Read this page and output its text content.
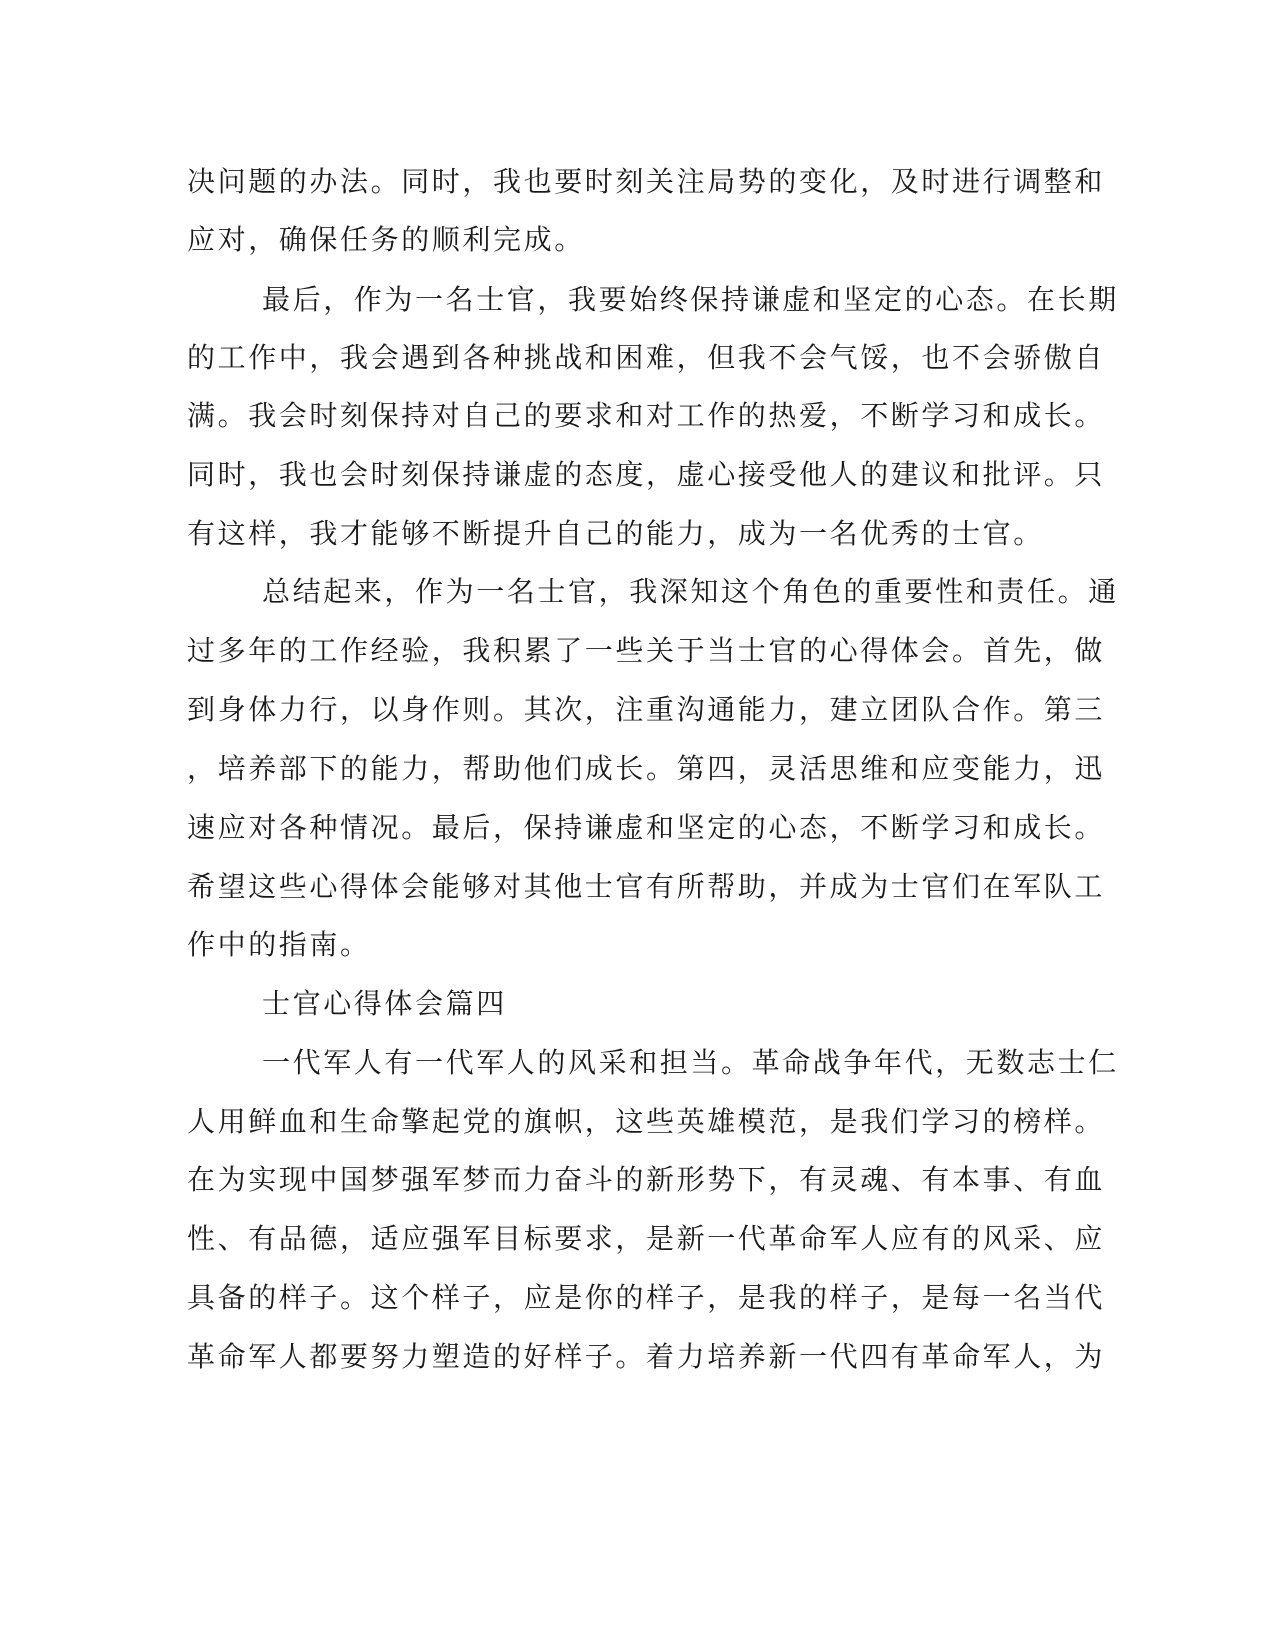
决问题的办法。同时，我也要时刻关注局势的变化，及时进行调整和
应对，确保任务的顺利完成。
最后，作为一名士官，我要始终保持谦虚和坚定的心态。在长期
的工作中，我会遇到各种挑战和困难，但我不会气馁，也不会骄傲自
满。我会时刻保持对自己的要求和对工作的热爱，不断学习和成长。
同时，我也会时刻保持谦虚的态度，虚心接受他人的建议和批评。只
有这样，我才能够不断提升自己的能力，成为一名优秀的士官。
总结起来，作为一名士官，我深知这个角色的重要性和责任。通
过多年的工作经验，我积累了一些关于当士官的心得体会。首先，做
到身体力行，以身作则。其次，注重沟通能力，建立团队合作。第三
，培养部下的能力，帮助他们成长。第四，灵活思维和应变能力，迅
速应对各种情况。最后，保持谦虚和坚定的心态，不断学习和成长。
希望这些心得体会能够对其他士官有所帮助，并成为士官们在军队工
作中的指南。
士官心得体会篇四
一代军人有一代军人的风采和担当。革命战争年代，无数志士仁
人用鲜血和生命擎起党的旗帜，这些英雄模范，是我们学习的榜样。
在为实现中国梦强军梦而力奋斗的新形势下，有灵魂、有本事、有血
性、有品德，适应强军目标要求，是新一代革命军人应有的风采、应
具备的样子。这个样子，应是你的样子，是我的样子，是每一名当代
革命军人都要努力塑造的好样子。着力培养新一代四有革命军人，为
